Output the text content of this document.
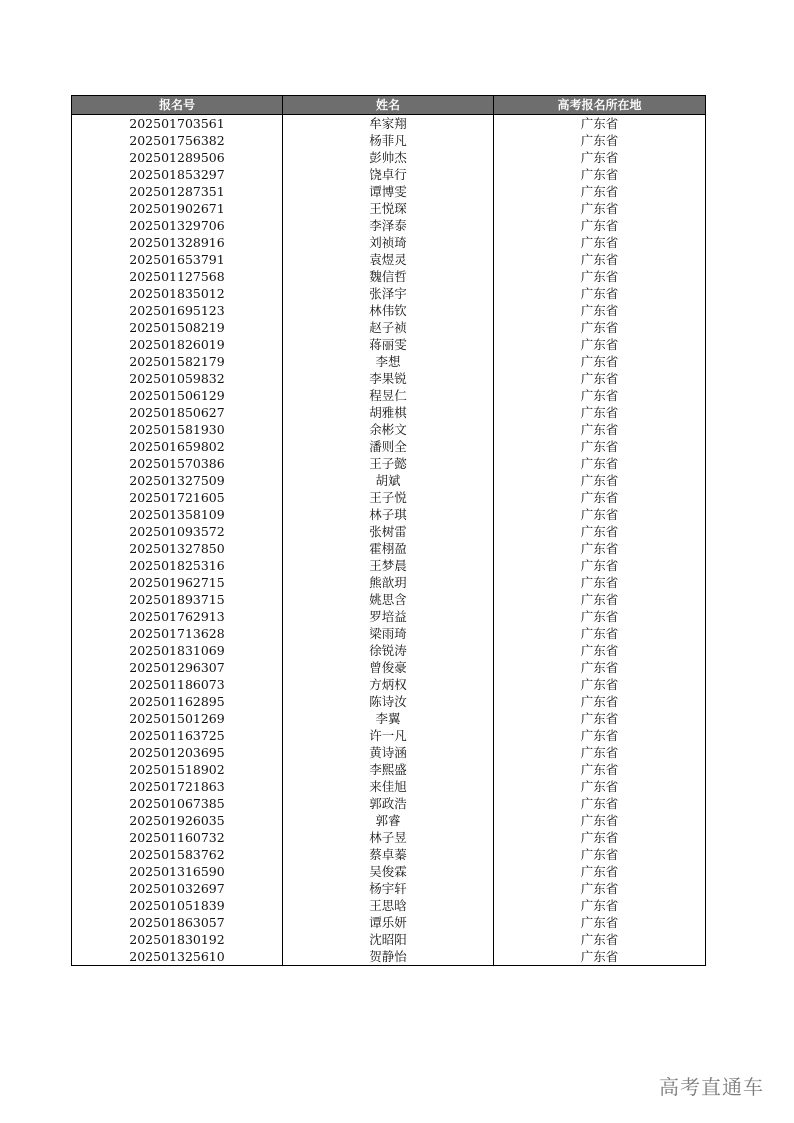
报名号	姓名	高考报名所在地
202501703561	牟家翔	广东省
202501756382	杨菲凡	广东省
202501289506	彭帅杰	广东省
202501853297	饶卓行	广东省
202501287351	谭博雯	广东省
202501902671	王悦琛	广东省
202501329706	李泽泰	广东省
202501328916	刘祯琦	广东省
202501653791	袁煜灵	广东省
202501127568	魏信哲	广东省
202501835012	张泽宇	广东省
202501695123	林伟钦	广东省
202501508219	赵子祯	广东省
202501826019	蒋丽雯	广东省
202501582179	李想	广东省
202501059832	李果锐	广东省
202501506129	程昱仁	广东省
202501850627	胡雅棋	广东省
202501581930	余彬文	广东省
202501659802	潘则全	广东省
202501570386	王子懿	广东省
202501327509	胡斌	广东省
202501721605	王子悦	广东省
202501358109	林子琪	广东省
202501093572	张树雷	广东省
202501327850	霍栩盈	广东省
202501825316	王梦晨	广东省
202501962715	熊歆玥	广东省
202501893715	姚思含	广东省
202501762913	罗培益	广东省
202501713628	梁雨琦	广东省
202501831069	徐锐涛	广东省
202501296307	曾俊豪	广东省
202501186073	方炳权	广东省
202501162895	陈诗汝	广东省
202501501269	李翼	广东省
202501163725	许一凡	广东省
202501203695	黄诗涵	广东省
202501518902	李熙盛	广东省
202501721863	来佳旭	广东省
202501067385	郭政浩	广东省
202501926035	郭睿	广东省
202501160732	林子昱	广东省
202501583762	蔡卓蓁	广东省
202501316590	吴俊霖	广东省
202501032697	杨宇轩	广东省
202501051839	王思晗	广东省
202501863057	谭乐妍	广东省
202501830192	沈昭阳	广东省
202501325610	贺静怡	广东省
高考直通车
